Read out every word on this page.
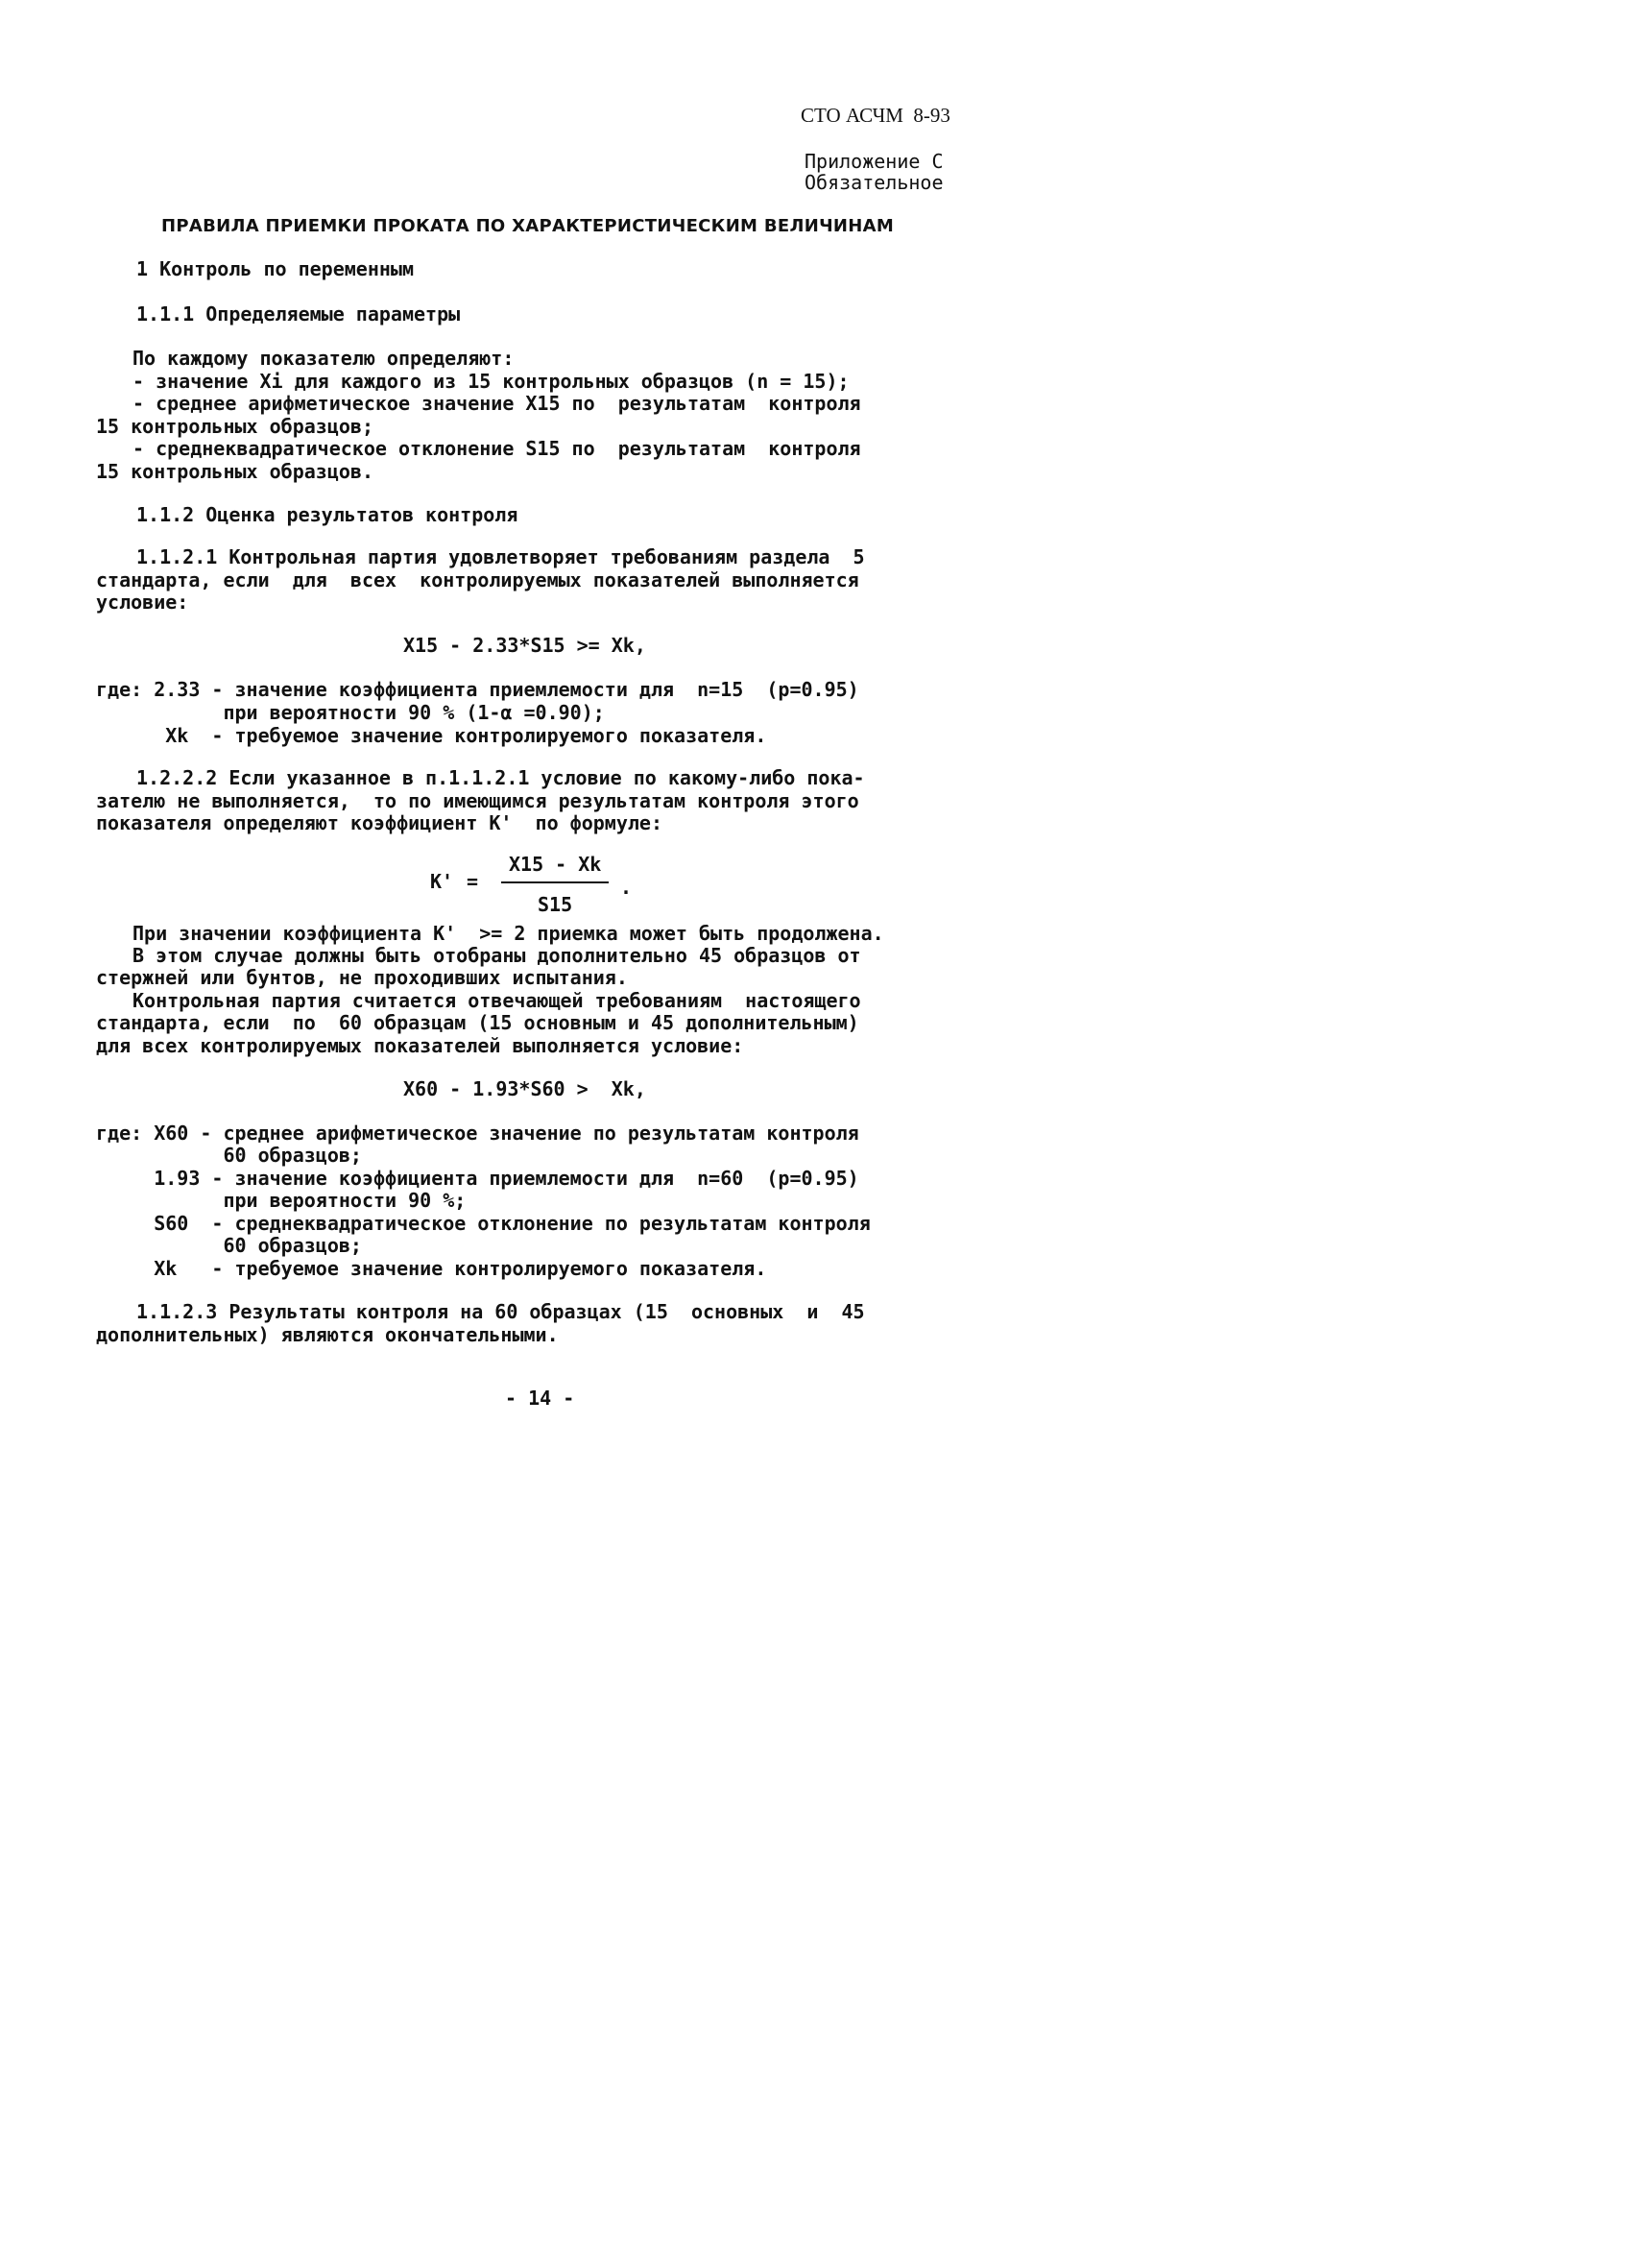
СТО АСЧМ  8-93
Приложение С
Обязательное
ПРАВИЛА ПРИЕМКИ ПРОКАТА ПО ХАРАКТЕРИСТИЧЕСКИМ ВЕЛИЧИНАМ
1 Контроль по переменным
1.1.1 Определяемые параметры
По каждому показателю определяют:
- значение Xi для каждого из 15 контрольных образцов (n = 15);
- среднее арифметическое значение X15 по  результатам  контроля
15 контрольных образцов;
- среднеквадратическое отклонение S15 по  результатам  контроля
15 контрольных образцов.
1.1.2 Оценка результатов контроля
1.1.2.1 Контрольная партия удовлетворяет требованиям раздела  5
стандарта, если  для  всех  контролируемых показателей выполняется
условие:
X15 - 2.33*S15 >= Xk,
где: 2.33 - значение коэффициента приемлемости для  n=15  (р=0.95)
при вероятности 90 % (1-α =0.90);
Xk  - требуемое значение контролируемого показателя.
1.2.2.2 Если указанное в п.1.1.2.1 условие по какому-либо пока-
зателю не выполняется,  то по имеющимся результатам контроля этого
показателя определяют коэффициент K'  по формуле:
K' =
X15 - Xk
S15
.
При значении коэффициента K'  >= 2 приемка может быть продолжена.
В этом случае должны быть отобраны дополнительно 45 образцов от
стержней или бунтов, не проходивших испытания.
Контрольная партия считается отвечающей требованиям  настоящего
стандарта, если  по  60 образцам (15 основным и 45 дополнительным)
для всех контролируемых показателей выполняется условие:
X60 - 1.93*S60 >  Xk,
где: X60 - среднее арифметическое значение по результатам контроля
60 образцов;
1.93 - значение коэффициента приемлемости для  n=60  (р=0.95)
при вероятности 90 %;
S60  - среднеквадратическое отклонение по результатам контроля
60 образцов;
Xk   - требуемое значение контролируемого показателя.
1.1.2.3 Результаты контроля на 60 образцах (15  основных  и  45
дополнительных) являются окончательными.
- 14 -
